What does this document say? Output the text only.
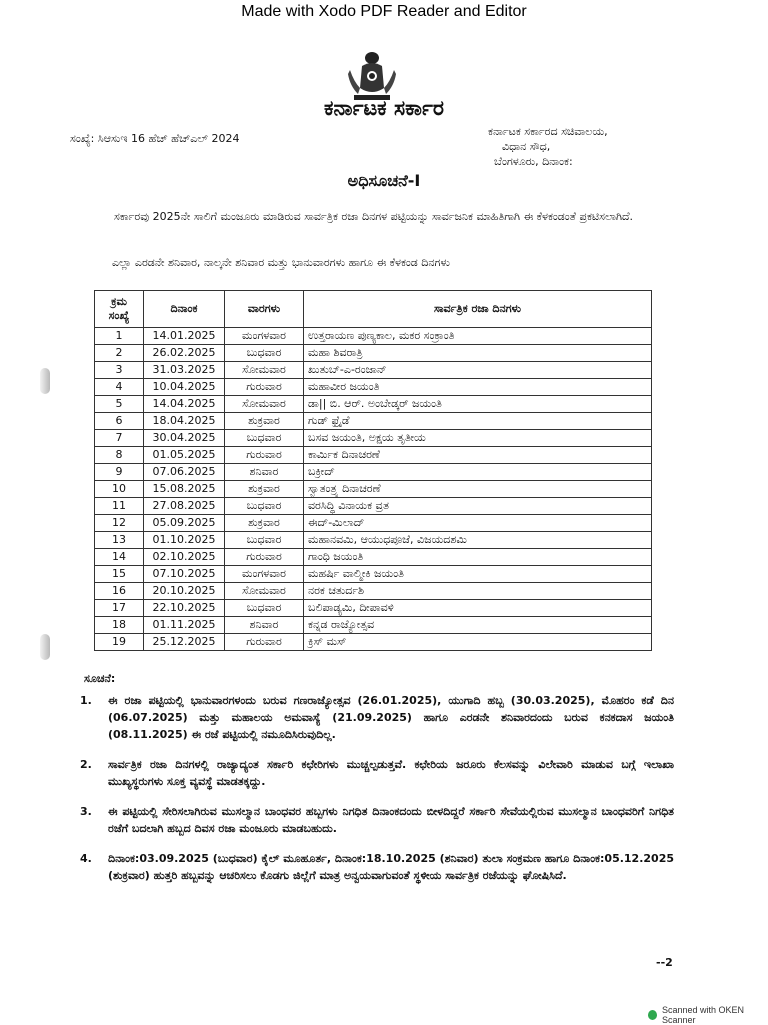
Made with Xodo PDF Reader and Editor
ಕರ್ನಾಟಕ ಸರ್ಕಾರ
ಸಂಖ್ಯೆ: ಸಿಆಸುಇ 16 ಹೆಚ್ ಹೆಚ್ಎಲ್ 2024
ಕರ್ನಾಟಕ ಸರ್ಕಾರದ ಸಚಿವಾಲಯ,
ವಿಧಾನ ಸೌಧ,
ಬೆಂಗಳೂರು, ದಿನಾಂಕ:
ಅಧಿಸೂಚನೆ-I
ಸರ್ಕಾರವು 2025ನೇ ಸಾಲಿಗೆ ಮಂಜೂರು ಮಾಡಿರುವ ಸಾರ್ವತ್ರಿಕ ರಜಾ ದಿನಗಳ ಪಟ್ಟಿಯನ್ನು ಸಾರ್ವಜನಿಕ ಮಾಹಿತಿಗಾಗಿ ಈ ಕೆಳಕಂಡಂತೆ ಪ್ರಕಟಿಸಲಾಗಿದೆ.
ಎಲ್ಲಾ ಎರಡನೇ ಶನಿವಾರ, ನಾಲ್ಕನೇ ಶನಿವಾರ ಮತ್ತು ಭಾನುವಾರಗಳು ಹಾಗೂ ಈ ಕೆಳಕಂಡ ದಿನಗಳು
ಕ್ರಮ ಸಂಖ್ಯೆ	ದಿನಾಂಕ	ವಾರಗಳು	ಸಾರ್ವತ್ರಿಕ ರಜಾ ದಿನಗಳು
1	14.01.2025	ಮಂಗಳವಾರ	ಉತ್ತರಾಯಣ ಪುಣ್ಯಕಾಲ, ಮಕರ ಸಂಕ್ರಾಂತಿ
2	26.02.2025	ಬುಧವಾರ	ಮಹಾ ಶಿವರಾತ್ರಿ
3	31.03.2025	ಸೋಮವಾರ	ಖುತುಬ್-ಎ-ರಂಜಾನ್
4	10.04.2025	ಗುರುವಾರ	ಮಹಾವೀರ ಜಯಂತಿ
5	14.04.2025	ಸೋಮವಾರ	ಡಾ|| ಬಿ. ಆರ್. ಅಂಬೇಡ್ಕರ್ ಜಯಂತಿ
6	18.04.2025	ಶುಕ್ರವಾರ	ಗುಡ್ ಫ್ರೈಡೆ
7	30.04.2025	ಬುಧವಾರ	ಬಸವ ಜಯಂತಿ, ಅಕ್ಷಯ ತೃತೀಯ
8	01.05.2025	ಗುರುವಾರ	ಕಾರ್ಮಿಕ ದಿನಾಚರಣೆ
9	07.06.2025	ಶನಿವಾರ	ಬಕ್ರೀದ್
10	15.08.2025	ಶುಕ್ರವಾರ	ಸ್ವಾತಂತ್ರ್ಯ ದಿನಾಚರಣೆ
11	27.08.2025	ಬುಧವಾರ	ವರಸಿದ್ಧಿ ವಿನಾಯಕ ವ್ರತ
12	05.09.2025	ಶುಕ್ರವಾರ	ಈದ್-ಮಿಲಾದ್
13	01.10.2025	ಬುಧವಾರ	ಮಹಾನವಮಿ, ಆಯುಧಪೂಜೆ, ವಿಜಯದಶಮಿ
14	02.10.2025	ಗುರುವಾರ	ಗಾಂಧಿ ಜಯಂತಿ
15	07.10.2025	ಮಂಗಳವಾರ	ಮಹರ್ಷಿ ವಾಲ್ಮೀಕಿ ಜಯಂತಿ
16	20.10.2025	ಸೋಮವಾರ	ನರಕ ಚತುರ್ದಶಿ
17	22.10.2025	ಬುಧವಾರ	ಬಲಿಪಾಡ್ಯಮಿ, ದೀಪಾವಳಿ
18	01.11.2025	ಶನಿವಾರ	ಕನ್ನಡ ರಾಜ್ಯೋತ್ಸವ
19	25.12.2025	ಗುರುವಾರ	ಕ್ರಿಸ್ ಮಸ್
ಸೂಚನೆ:
1.	ಈ ರಜಾ ಪಟ್ಟಿಯಲ್ಲಿ ಭಾನುವಾರಗಳಂದು ಬರುವ ಗಣರಾಜ್ಯೋತ್ಸವ (26.01.2025), ಯುಗಾದಿ ಹಬ್ಬ (30.03.2025), ಮೊಹರಂ ಕಡೆ ದಿನ (06.07.2025) ಮತ್ತು ಮಹಾಲಯ ಅಮವಾಸ್ಯೆ (21.09.2025) ಹಾಗೂ ಎರಡನೇ ಶನಿವಾರದಂದು ಬರುವ ಕನಕದಾಸ ಜಯಂತಿ (08.11.2025) ಈ ರಜೆ ಪಟ್ಟಿಯಲ್ಲಿ ನಮೂದಿಸಿರುವುದಿಲ್ಲ.
2.	ಸಾರ್ವತ್ರಿಕ ರಜಾ ದಿನಗಳಲ್ಲಿ ರಾಜ್ಯಾದ್ಯಂತ ಸರ್ಕಾರಿ ಕಛೇರಿಗಳು ಮುಚ್ಚಲ್ಪಡುತ್ತವೆ. ಕಛೇರಿಯ ಜರೂರು ಕೆಲಸವನ್ನು ವಿಲೇವಾರಿ ಮಾಡುವ ಬಗ್ಗೆ ಇಲಾಖಾ ಮುಖ್ಯಸ್ಥರುಗಳು ಸೂಕ್ತ ವ್ಯವಸ್ಥೆ ಮಾಡತಕ್ಕದ್ದು.
3.	ಈ ಪಟ್ಟಿಯಲ್ಲಿ ಸೇರಿಸಲಾಗಿರುವ ಮುಸಲ್ಮಾನ ಬಾಂಧವರ ಹಬ್ಬಗಳು ನಿಗಧಿತ ದಿನಾಂಕದಂದು ಬೀಳದಿದ್ದರೆ ಸರ್ಕಾರಿ ಸೇವೆಯಲ್ಲಿರುವ ಮುಸಲ್ಮಾನ ಬಾಂಧವರಿಗೆ ನಿಗಧಿತ ರಜೆಗೆ ಬದಲಾಗಿ ಹಬ್ಬದ ದಿವಸ ರಜಾ ಮಂಜೂರು ಮಾಡಬಹುದು.
4.	ದಿನಾಂಕ:03.09.2025 (ಬುಧವಾರ) ಕೈಲ್ ಮೂಹೂರ್ತ, ದಿನಾಂಕ:18.10.2025 (ಶನಿವಾರ) ತುಲಾ ಸಂಕ್ರಮಣ ಹಾಗೂ ದಿನಾಂಕ:05.12.2025 (ಶುಕ್ರವಾರ) ಹುತ್ತರಿ ಹಬ್ಬವನ್ನು ಆಚರಿಸಲು ಕೊಡಗು ಜಿಲ್ಲೆಗೆ ಮಾತ್ರ ಅನ್ವಯವಾಗುವಂತೆ ಸ್ಥಳೀಯ ಸಾರ್ವತ್ರಿಕ ರಜೆಯನ್ನು ಘೋಷಿಸಿದೆ.
--2
Scanned with OKEN Scanner
